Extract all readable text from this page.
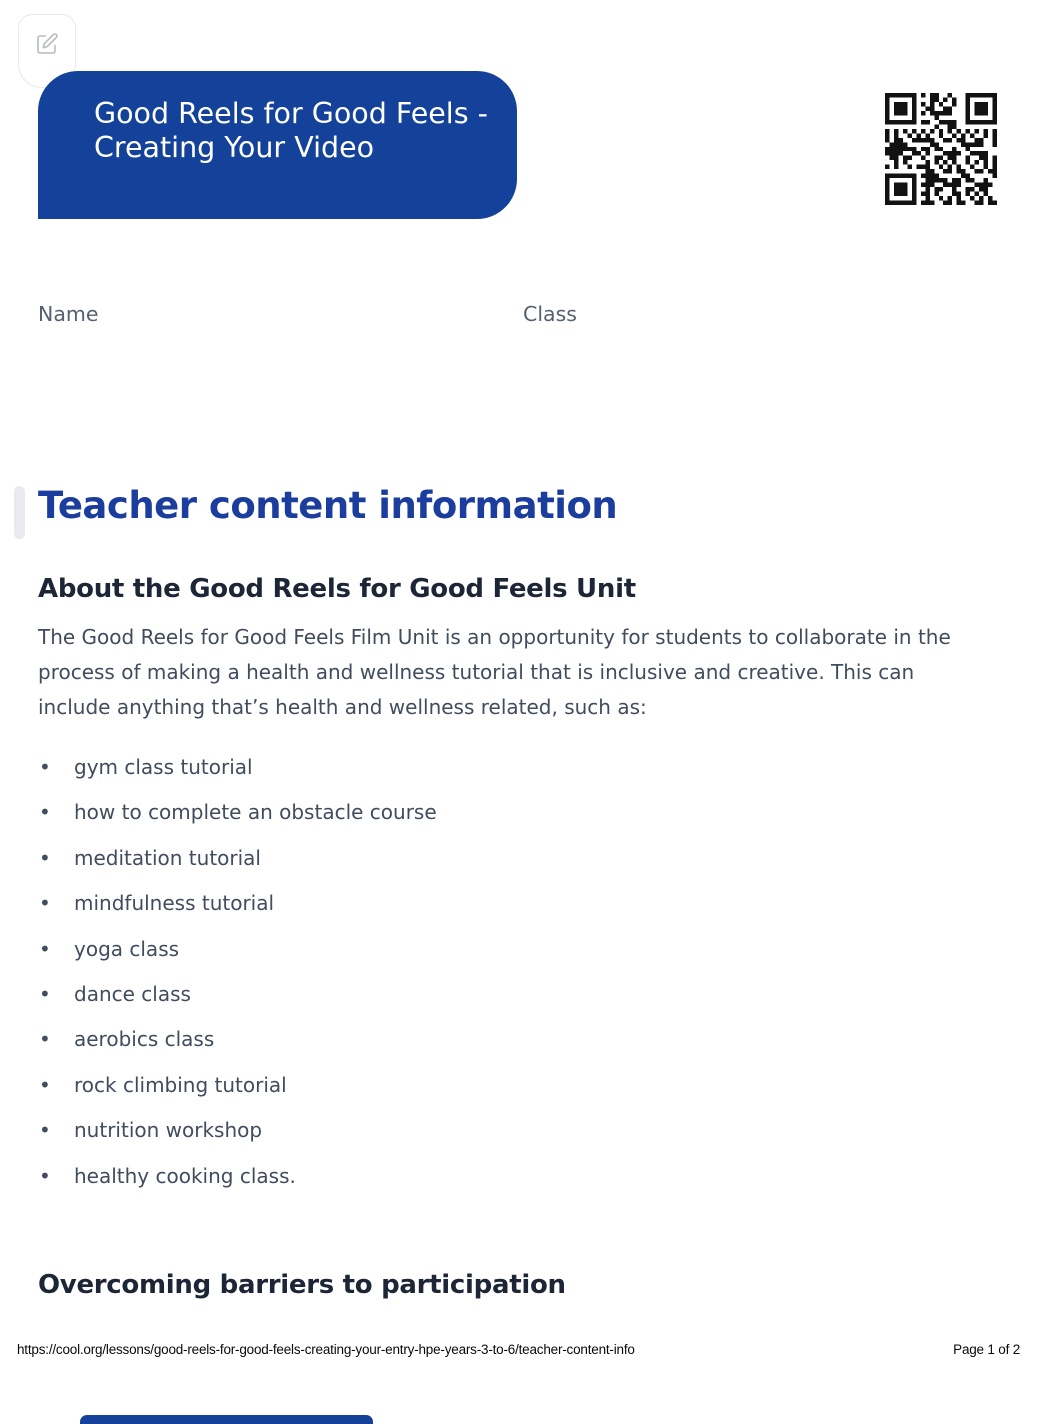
Good Reels for Good Feels - Creating Your Video
Name	Class
Teacher content information
About the Good Reels for Good Feels Unit

The Good Reels for Good Feels Film Unit is an opportunity for students to collaborate in the process of making a health and wellness tutorial that is inclusive and creative. This can include anything that’s health and wellness related, such as:

• gym class tutorial
• how to complete an obstacle course
• meditation tutorial
• mindfulness tutorial
• yoga class
• dance class
• aerobics class
• rock climbing tutorial
• nutrition workshop
• healthy cooking class.
Overcoming barriers to participation
https://cool.org/lessons/good-reels-for-good-feels-creating-your-entry-hpe-years-3-to-6/teacher-content-info	Page 1 of 2
